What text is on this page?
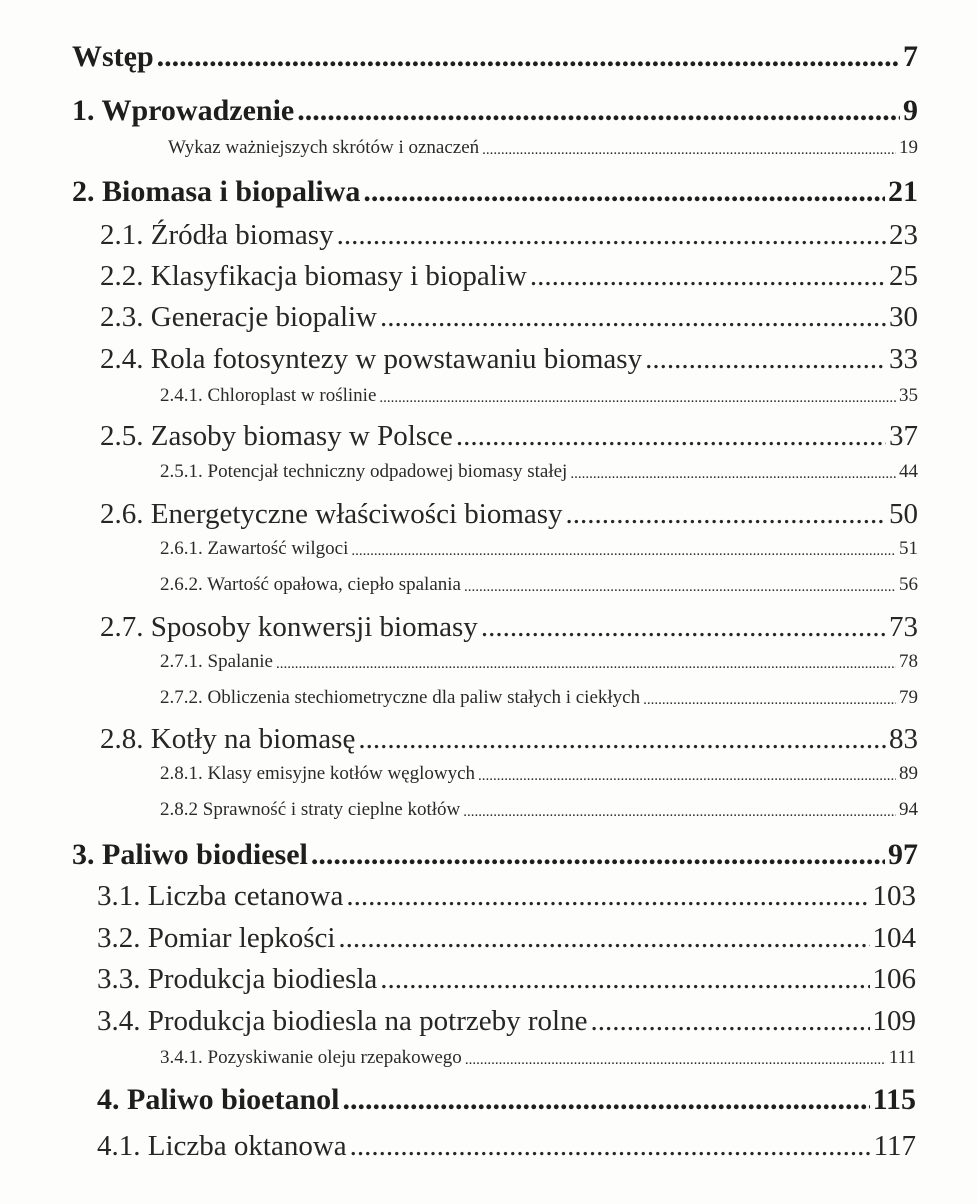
Wstęp .....	7
1. Wprowadzenie .....	9
Wykaz ważniejszych skrótów i oznaczeń .....	19
2. Biomasa i biopaliwa .....	21
2.1. Źródła biomasy .....	23
2.2. Klasyfikacja biomasy i biopaliw .....	25
2.3. Generacje biopaliw .....	30
2.4. Rola fotosyntezy w powstawaniu biomasy .....	33
2.4.1. Chloroplast w roślinie .....	35
2.5. Zasoby biomasy w Polsce .....	37
2.5.1. Potencjał techniczny odpadowej biomasy stałej .....	44
2.6. Energetyczne właściwości biomasy .....	50
2.6.1. Zawartość wilgoci .....	51
2.6.2. Wartość opałowa, ciepło spalania .....	56
2.7. Sposoby konwersji biomasy .....	73
2.7.1. Spalanie .....	78
2.7.2. Obliczenia stechiometryczne dla paliw stałych i ciekłych .....	79
2.8. Kotły na biomasę .....	83
2.8.1. Klasy emisyjne kotłów węglowych .....	89
2.8.2 Sprawność i straty cieplne kotłów .....	94
3. Paliwo biodiesel .....	97
3.1. Liczba cetanowa .....	103
3.2. Pomiar lepkości .....	104
3.3. Produkcja biodiesla .....	106
3.4. Produkcja biodiesla na potrzeby rolne .....	109
3.4.1. Pozyskiwanie oleju rzepakowego .....	111
4. Paliwo bioetanol .....	115
4.1. Liczba oktanowa .....	117
